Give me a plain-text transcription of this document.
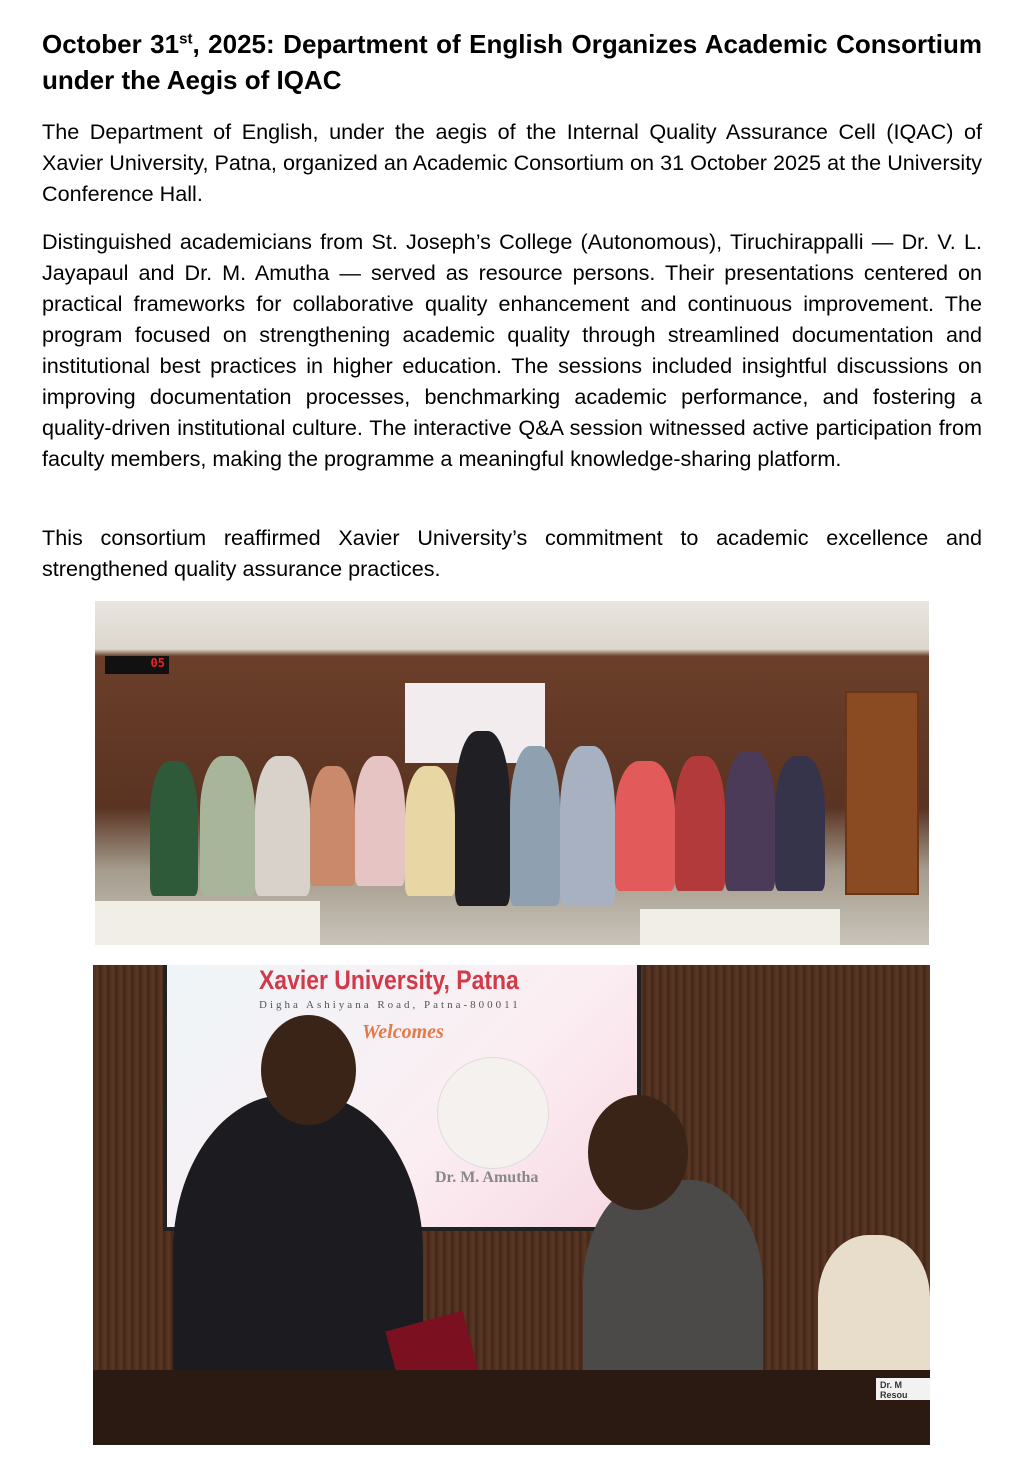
October 31st, 2025: Department of English Organizes Academic Consortium under the Aegis of IQAC

The Department of English, under the aegis of the Internal Quality Assurance Cell (IQAC) of Xavier University, Patna, organized an Academic Consortium on 31 October 2025 at the University Conference Hall.

Distinguished academicians from St. Joseph’s College (Autonomous), Tiruchirappalli — Dr. V. L. Jayapaul and Dr. M. Amutha — served as resource persons. Their presentations centered on practical frameworks for collaborative quality enhancement and continuous improvement. The program focused on strengthening academic quality through streamlined documentation and institutional best practices in higher education. The sessions included insightful discussions on improving documentation processes, benchmarking academic performance, and fostering a quality-driven institutional culture. The interactive Q&A session witnessed active participation from faculty members, making the programme a meaningful knowledge-sharing platform.

This consortium reaffirmed Xavier University’s commitment to academic excellence and strengthened quality assurance practices.

05
Xavier University, Patna
Digha Ashiyana Road, Patna-800011
Welcomes
Dr. M. Amutha
Dr. M Resou
